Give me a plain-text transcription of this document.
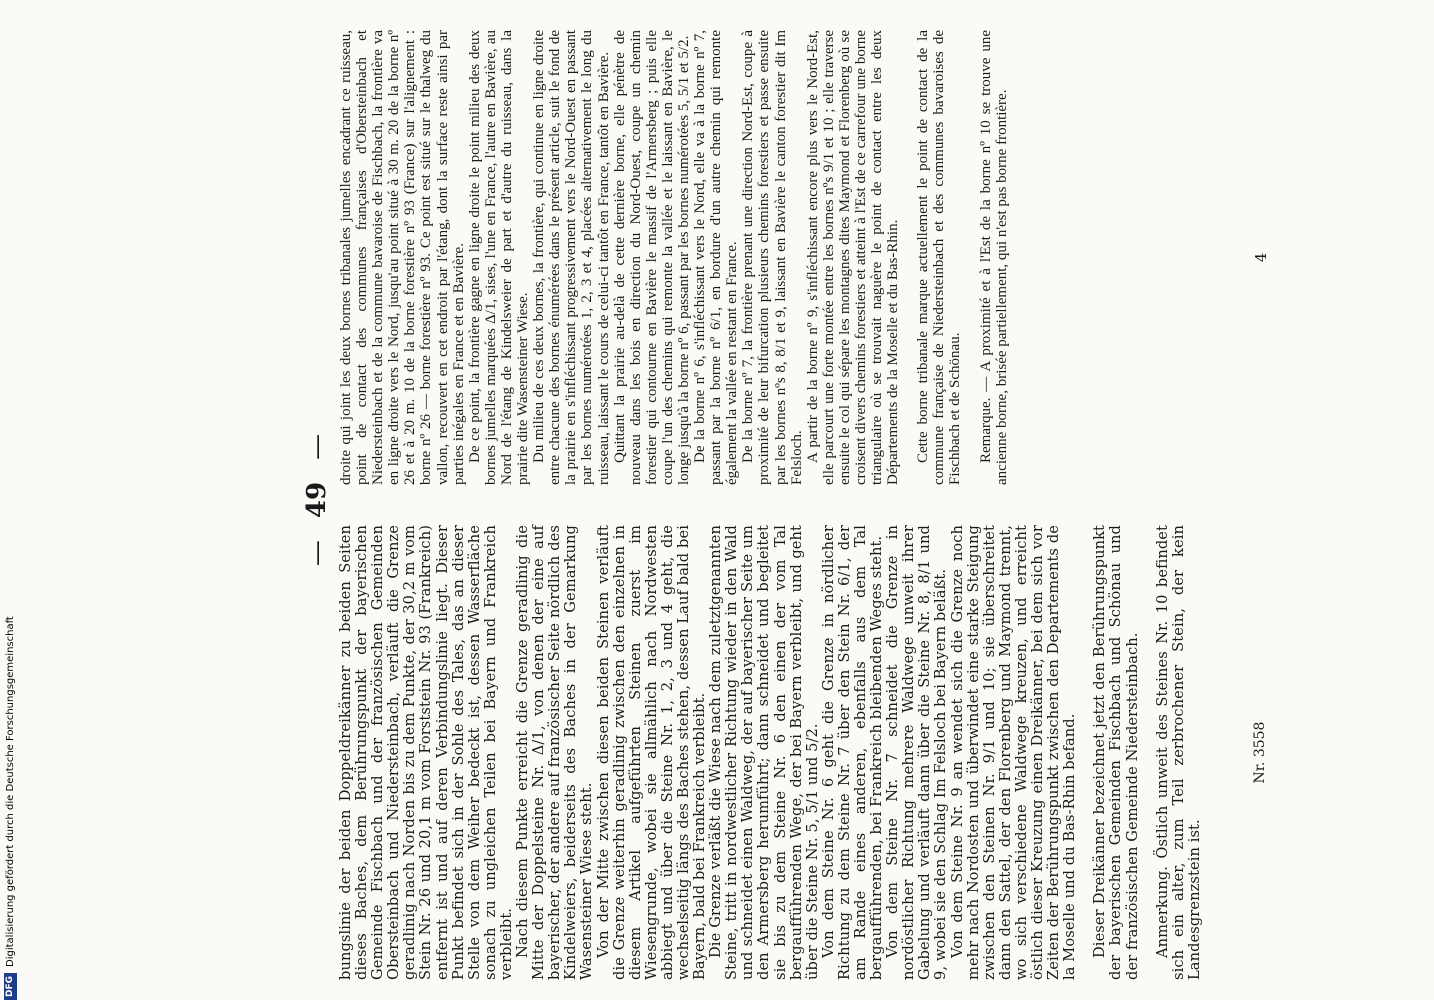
—
49
—

bungslinie der beiden Doppeldreikänner zu beiden Seiten dieses Baches, dem Berührungspunkt der bayerischen Gemeinde Fischbach und der französischen Gemeinden Obersteinbach und Niedersteinbach, verläuft die Grenze geradlinig nach Norden bis zu dem Punkte, der 30,2 m vom Stein Nr. 26 und 20,1 m vom Forststein Nr. 93 (Frankreich) entfernt ist und auf deren Verbindungslinie liegt. Dieser Punkt befindet sich in der Sohle des Tales, das an dieser Stelle von dem Weiher bedeckt ist, dessen Wasserfläche sonach zu ungleichen Teilen bei Bayern und Frankreich verbleibt. Nach diesem Punkte erreicht die Grenze geradlinig die Mitte der Doppelsteine Nr. Δ/1, von denen der eine auf bayerischer, der andere auf französischer Seite nördlich des Kindelweiers, beiderseits des Baches in der Gemarkung Wasensteiner Wiese steht. Von der Mitte zwischen diesen beiden Steinen verläuft die Grenze weiterhin geradlinig zwischen den einzelnen in diesem Artikel aufgeführten Steinen zuerst im Wiesengrunde, wobei sie allmählich nach Nordwesten abbiegt und über die Steine Nr. 1, 2, 3 und 4 geht, die wechselseitig längs des Baches stehen, dessen Lauf bald bei Bayern, bald bei Frankreich verbleibt. Die Grenze verläßt die Wiese nach dem zuletztgenannten Steine, tritt in nordwestlicher Richtung wieder in den Wald und schneidet einen Waldweg, der auf bayerischer Seite um den Armersberg herumführt; dann schneidet und begleitet sie bis zu dem Steine Nr. 6 den einen der vom Tal bergaufführenden Wege, der bei Bayern verbleibt, und geht über die Steine Nr. 5, 5/1 und 5/2. Von dem Steine Nr. 6 geht die Grenze in nördlicher Richtung zu dem Steine Nr. 7 über den Stein Nr. 6/1, der am Rande eines anderen, ebenfalls aus dem Tal bergaufführenden, bei Frankreich bleibenden Weges steht. Von dem Steine Nr. 7 schneidet die Grenze in nordöstlicher Richtung mehrere Waldwege unweit ihrer Gabelung und verläuft dann über die Steine Nr. 8, 8/1 und 9, wobei sie den Schlag Im Felsloch bei Bayern beläßt. Von dem Steine Nr. 9 an wendet sich die Grenze noch mehr nach Nordosten und überwindet eine starke Steigung zwischen den Steinen Nr. 9/1 und 10; sie überschreitet dann den Sattel, der den Florenberg und Maymond trennt, wo sich verschiedene Waldwege kreuzen, und erreicht östlich dieser Kreuzung einen Dreikänner, bei dem sich vor Zeiten der Berührungspunkt zwischen den Departements de la Moselle und du Bas-Rhin befand. Dieser Dreikänner bezeichnet jetzt den Berührungspunkt der bayerischen Gemeinden Fischbach und Schönau und der französischen Gemeinde Niedersteinbach. Anmerkung. Östlich unweit des Steines Nr. 10 befindet sich ein alter, zum Teil zerbrochener Stein, der kein Landesgrenzstein ist.

droite qui joint les deux bornes tribanales jumelles encadrant ce ruisseau, point de contact des communes françaises d'Obersteinbach et Niedersteinbach et de la commune bavaroise de Fischbach, la frontière va en ligne droite vers le Nord, jusqu'au point situé à 30 m. 20 de la borne nº 26 et à 20 m. 10 de la borne forestière nº 93 (France) sur l'alignement : borne nº 26 — borne forestière nº 93. Ce point est situé sur le thalweg du vallon, recouvert en cet endroit par l'étang, dont la surface reste ainsi par parties inégales en France et en Bavière. De ce point, la frontière gagne en ligne droite le point milieu des deux bornes jumelles marquées Δ/1, sises, l'une en France, l'autre en Bavière, au Nord de l'étang de Kindelsweier de part et d'autre du ruisseau, dans la prairie dite Wasensteiner Wiese. Du milieu de ces deux bornes, la frontière, qui continue en ligne droite entre chacune des bornes énumérées dans le présent article, suit le fond de la prairie en s'infléchissant progressivement vers le Nord-Ouest en passant par les bornes numérotées 1, 2, 3 et 4, placées alternativement le long du ruisseau, laissant le cours de celui-ci tantôt en France, tantôt en Bavière. Quittant la prairie au-delà de cette dernière borne, elle pénètre de nouveau dans les bois en direction du Nord-Ouest, coupe un chemin forestier qui contourne en Bavière le massif de l'Armersberg ; puis elle coupe l'un des chemins qui remonte la vallée et le laissant en Bavière, le longe jusqu'à la borne nº 6, passant par les bornes numérotées 5, 5/1 et 5/2. De la borne nº 6, s'infléchissant vers le Nord, elle va à la borne nº 7, passant par la borne nº 6/1, en bordure d'un autre chemin qui remonte également la vallée en restant en France. De la borne nº 7, la frontière prenant une direction Nord-Est, coupe à proximité de leur bifurcation plusieurs chemins forestiers et passe ensuite par les bornes nºs 8, 8/1 et 9, laissant en Bavière le canton forestier dit Im Felsloch. A partir de la borne nº 9, s'infléchissant encore plus vers le Nord-Est, elle parcourt une forte montée entre les bornes nºs 9/1 et 10 ; elle traverse ensuite le col qui sépare les montagnes dites Maymond et Florenberg où se croisent divers chemins forestiers et atteint à l'Est de ce carrefour une borne triangulaire où se trouvait naguère le point de contact entre les deux Départements de la Moselle et du Bas-Rhin. Cette borne tribanale marque actuellement le point de contact de la commune française de Niedersteinbach et des communes bavaroises de Fischbach et de Schönau. Remarque. — A proximité et à l'Est de la borne nº 10 se trouve une ancienne borne, brisée partiellement, qui n'est pas borne frontière.

Nr. 3558
4
DFG
Digitalisierung gefördert durch die Deutsche Forschungsgemeinschaft
